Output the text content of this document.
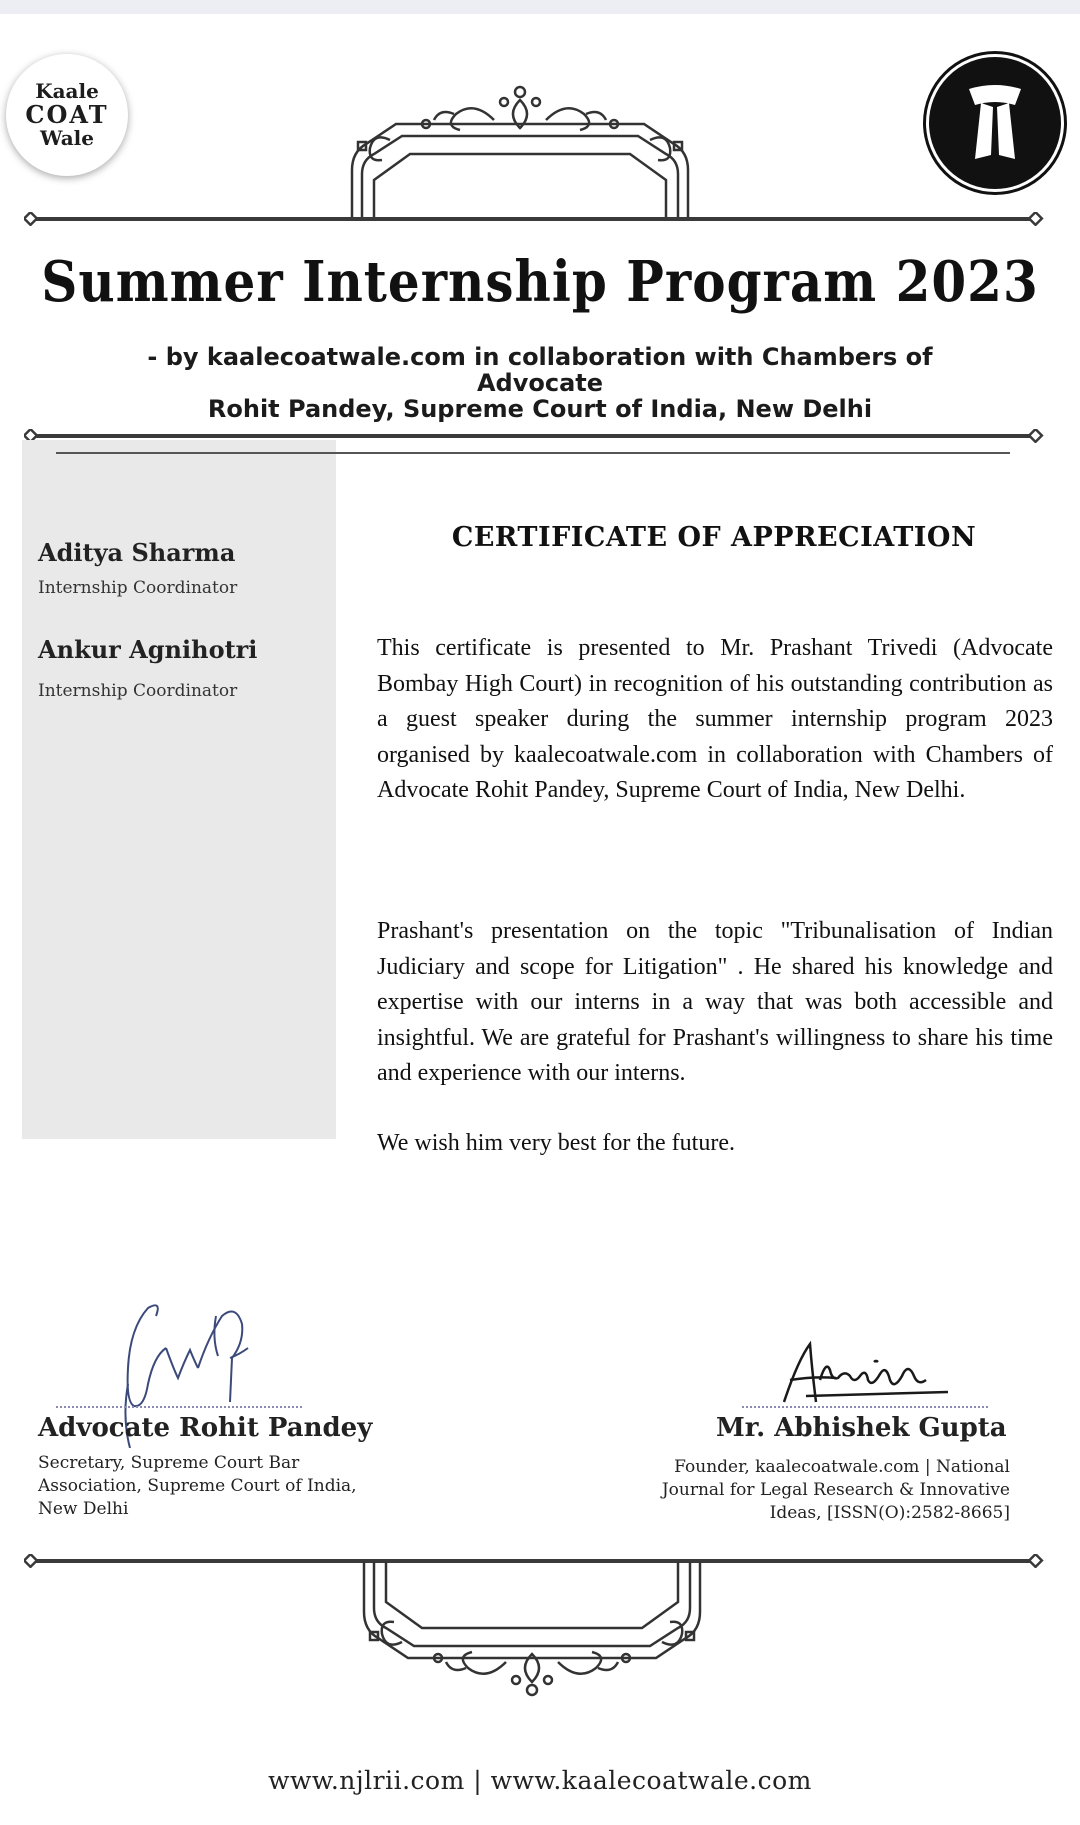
Kaale
COAT
Wale
Summer Internship Program 2023
- by kaalecoatwale.com in collaboration with Chambers of Advocate
Rohit Pandey, Supreme Court of India, New Delhi
Aditya Sharma
Internship Coordinator
Ankur Agnihotri
Internship Coordinator
CERTIFICATE OF APPRECIATION
This certificate is presented to Mr. Prashant Trivedi (Advocate Bombay High Court) in recognition of his outstanding contribution as a guest speaker during the summer internship program 2023 organised by kaalecoatwale.com in collaboration with Chambers of Advocate Rohit Pandey, Supreme Court of India, New Delhi.
Prashant's presentation on the topic "Tribunalisation of Indian Judiciary and scope for Litigation" . He shared his knowledge and expertise with our interns in a way that was both accessible and insightful. We are grateful for Prashant's willingness to share his time and experience with our interns.
We wish him very best for the future.
Advocate Rohit Pandey
Secretary, Supreme Court Bar
Association, Supreme Court of India,
New Delhi
Mr. Abhishek Gupta
Founder, kaalecoatwale.com | National
Journal for Legal Research & Innovative
Ideas, [ISSN(O):2582-8665]
www.njlrii.com | www.kaalecoatwale.com
